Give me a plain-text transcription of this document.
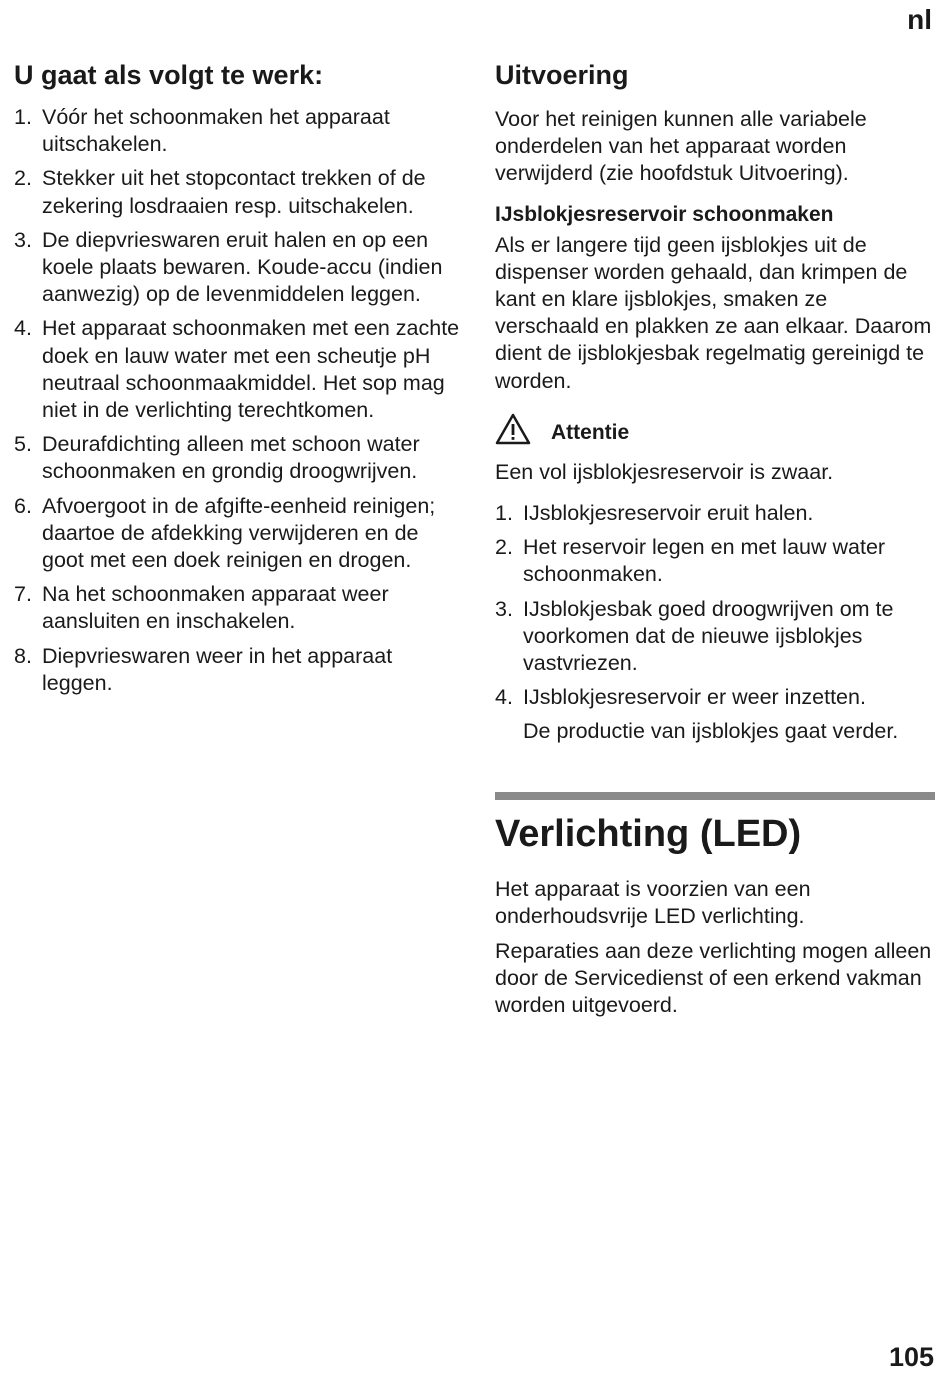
nl
U gaat als volgt te werk:
1. Vóór het schoonmaken het apparaat uitschakelen.
2. Stekker uit het stopcontact trekken of de zekering losdraaien resp. uitschakelen.
3. De diepvrieswaren eruit halen en op een koele plaats bewaren. Koude-accu (indien aanwezig) op de levenmiddelen leggen.
4. Het apparaat schoonmaken met een zachte doek en lauw water met een scheutje pH neutraal schoonmaakmiddel. Het sop mag niet in de verlichting terechtkomen.
5. Deurafdichting alleen met schoon water schoonmaken en grondig droogwrijven.
6. Afvoergoot in de afgifte-eenheid reinigen; daartoe de afdekking verwijderen en de goot met een doek reinigen en drogen.
7. Na het schoonmaken apparaat weer aansluiten en inschakelen.
8. Diepvrieswaren weer in het apparaat leggen.
Uitvoering

Voor het reinigen kunnen alle variabele onderdelen van het apparaat worden verwijderd (zie hoofdstuk Uitvoering).

IJsblokjesreservoir schoonmaken

Als er langere tijd geen ijsblokjes uit de dispenser worden gehaald, dan krimpen de kant en klare ijsblokjes, smaken ze verschaald en plakken ze aan elkaar. Daarom dient de ijsblokjesbak regelmatig gereinigd te worden.

Attentie

Een vol ijsblokjesreservoir is zwaar.

1. IJsblokjesreservoir eruit halen.
2. Het reservoir legen en met lauw water schoonmaken.
3. IJsblokjesbak goed droogwrijven om te voorkomen dat de nieuwe ijsblokjes vastvriezen.
4. IJsblokjesreservoir er weer inzetten.

De productie van ijsblokjes gaat verder.

Verlichting (LED)

Het apparaat is voorzien van een onderhoudsvrije LED verlichting.

Reparaties aan deze verlichting mogen alleen door de Servicedienst of een erkend vakman worden uitgevoerd.

105
